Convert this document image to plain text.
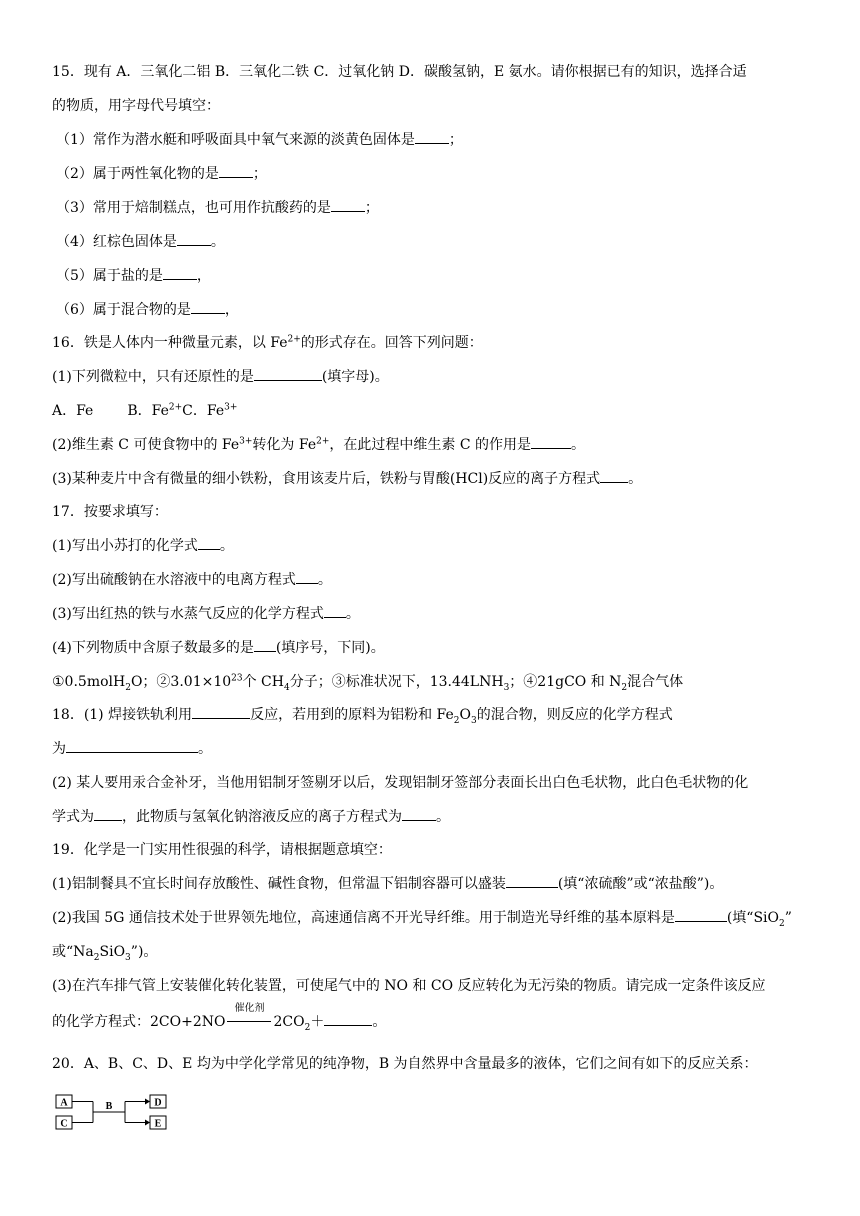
15．现有 A．三氧化二铝 B．三氧化二铁 C．过氧化钠 D．碳酸氢钠，E 氨水。请你根据已有的知识，选择合适
的物质，用字母代号填空：
（1）常作为潜水艇和呼吸面具中氧气来源的淡黄色固体是 ；
（2）属于两性氧化物的是 ；
（3）常用于焙制糕点，也可用作抗酸药的是 ；
（4）红棕色固体是 。
（5）属于盐的是 ，
（6）属于混合物的是 ，
16．铁是人体内一种微量元素，以 $Fe^{2+}$的形式存在。回答下列问题：
(1)下列微粒中，只有还原性的是	(填字母)。
A．Fe B．$Fe^{2+}C$．$Fe^{3+}$
(2)维生素 C 可使食物中的 $Fe^{3+}$转化为 $Fe^{2+}$，在此过程中维生素 C 的作用是	。
(3)某种麦片中含有微量的细小铁粉，食用该麦片后，铁粉与胃酸(HCl)反应的离子方程式 。
17．按要求填写：
(1)写出小苏打的化学式 。
(2)写出硫酸钠在水溶液中的电离方程式 。
(3)写出红热的铁与水蒸气反应的化学方程式 。
(4)下列物质中含原子数最多的是 (填序号，下同)。
①0.5molH$_2$O；$②3.01\times 10^{23}$个 $CH_4$分子；③标准状况下，$13.44LNH_3$；④21gCO 和 $N_2$混合气体
18．(1) 焊接铁轨利用	反应，若用到的原料为铝粉和 $Fe_2O_3$的混合物，则反应的化学方程式
为	。
(2) 某人要用汞合金补牙，当他用铝制牙签剔牙以后，发现铝制牙签部分表面长出白色毛状物，此白色毛状物的化
学式为 ，此物质与氢氧化钠溶液反应的离子方程式为 。
19．化学是一门实用性很强的科学，请根据题意填空：
(1)铝制餐具不宜长时间存放酸性、碱性食物，但常温下铝制容器可以盛装	(填“浓硫酸”或“浓盐酸”)。
(2)我国 5G 通信技术处于世界领先地位，高速通信离不开光导纤维。用于制造光导纤维的基本原料是	(填“SiO$_2$”
或“$Na_2SiO_3$”)。
(3)在汽车排气管上安装催化转化装置，可使尾气中的 NO 和 CO 反应转化为无污染的物质。请完成一定条件该反应
的化学方程式：2CO+2NO
催化剂
$2CO_2+$	。
20．A、B、C、D、E 均为中学化学常见的纯净物，B 为自然界中含量最多的液体，它们之间有如下的反应关系：
A
C
B	D
E
